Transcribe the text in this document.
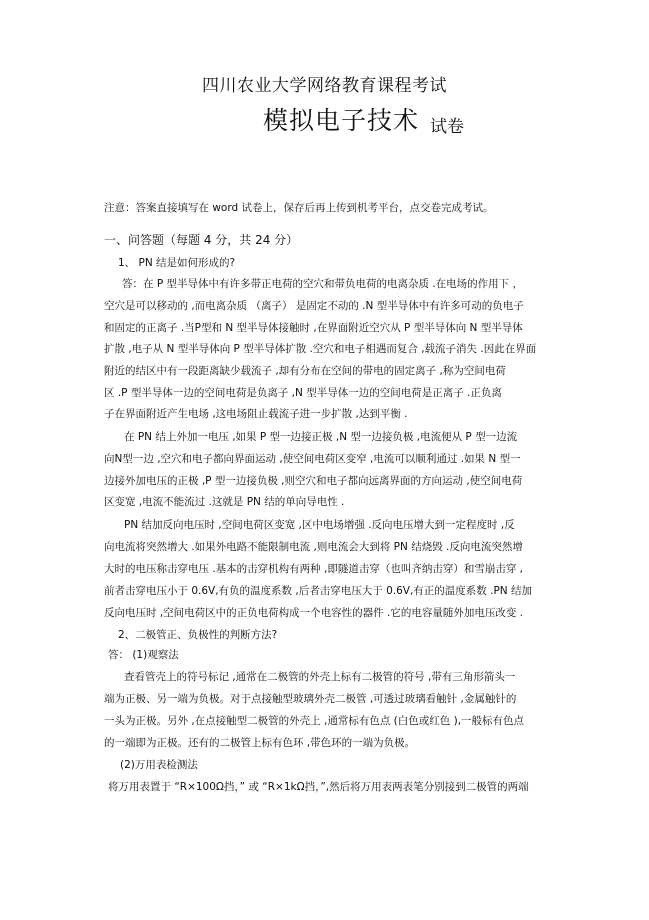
四川农业大学网络教育课程考试
模拟电子技术 试卷
注意：答案直接填写在 word 试卷上，保存后再上传到机考平台，点交卷完成考试。
一、问答题（每题 4 分，共 24 分）
1、 PN 结是如何形成的?
答：在 P 型半导体中有许多带正电荷的空穴和带负电荷的电离杂质 .在电场的作用下 ，
空穴是可以移动的 ,而电离杂质 （离子） 是固定不动的 .N 型半导体中有许多可动的负电子
和固定的正离子 .当P型和 N 型半导体接触时 ,在界面附近空穴从 P 型半导体向 N 型半导体
扩散 ,电子从 N 型半导体向 P 型半导体扩散 .空穴和电子相遇而复合 ,载流子消失 .因此在界面
附近的结区中有一段距离缺少载流子 ,却有分布在空间的带电的固定离子 ,称为空间电荷
区 .P 型半导体一边的空间电荷是负离子 ,N 型半导体一边的空间电荷是正离子 .正负离
子在界面附近产生电场 ,这电场阻止载流子进一步扩散 ,达到平衡 .
在 PN 结上外加一电压 ,如果 P 型一边接正极 ,N 型一边接负极 ,电流便从 P 型一边流
向N型一边 ,空穴和电子都向界面运动 ,使空间电荷区变窄 ,电流可以顺利通过 .如果 N 型一
边接外加电压的正极 ,P 型一边接负极 ,则空穴和电子都向远离界面的方向运动 ,使空间电荷
区变宽 ,电流不能流过 .这就是 PN 结的单向导电性 .
PN 结加反向电压时 ,空间电荷区变宽 ,区中电场增强 .反向电压增大到一定程度时 ,反
向电流将突然增大 .如果外电路不能限制电流 ,则电流会大到将 PN 结烧毁 .反向电流突然增
大时的电压称击穿电压 .基本的击穿机构有两种 ,即隧道击穿（也叫齐纳击穿）和雪崩击穿 ,
前者击穿电压小于 0.6V,有负的温度系数 ,后者击穿电压大于 0.6V,有正的温度系数 .PN 结加
反向电压时 ,空间电荷区中的正负电荷构成一个电容性的器件 .它的电容量随外加电压改变 .
2、二极管正、负极性的判断方法?
答： (1)观察法
查看管壳上的符号标记 ,通常在二极管的外壳上标有二极管的符号 ,带有三角形箭头一
端为正极、另一端为负极。对于点接触型玻璃外壳二极管 ,可透过玻璃看触针 ,金属触针的
一头为正极。另外 ,在点接触型二极管的外壳上 ,通常标有色点 (白色或红色 ),一般标有色点
的一端即为正极。还有的二极管上标有色环 ,带色环的一端为负极。
(2)万用表检测法
将万用表置于 “R×100Ω挡，” 或 “R×1kΩ挡，”,然后将万用表两表笔分别接到二极管的两端
